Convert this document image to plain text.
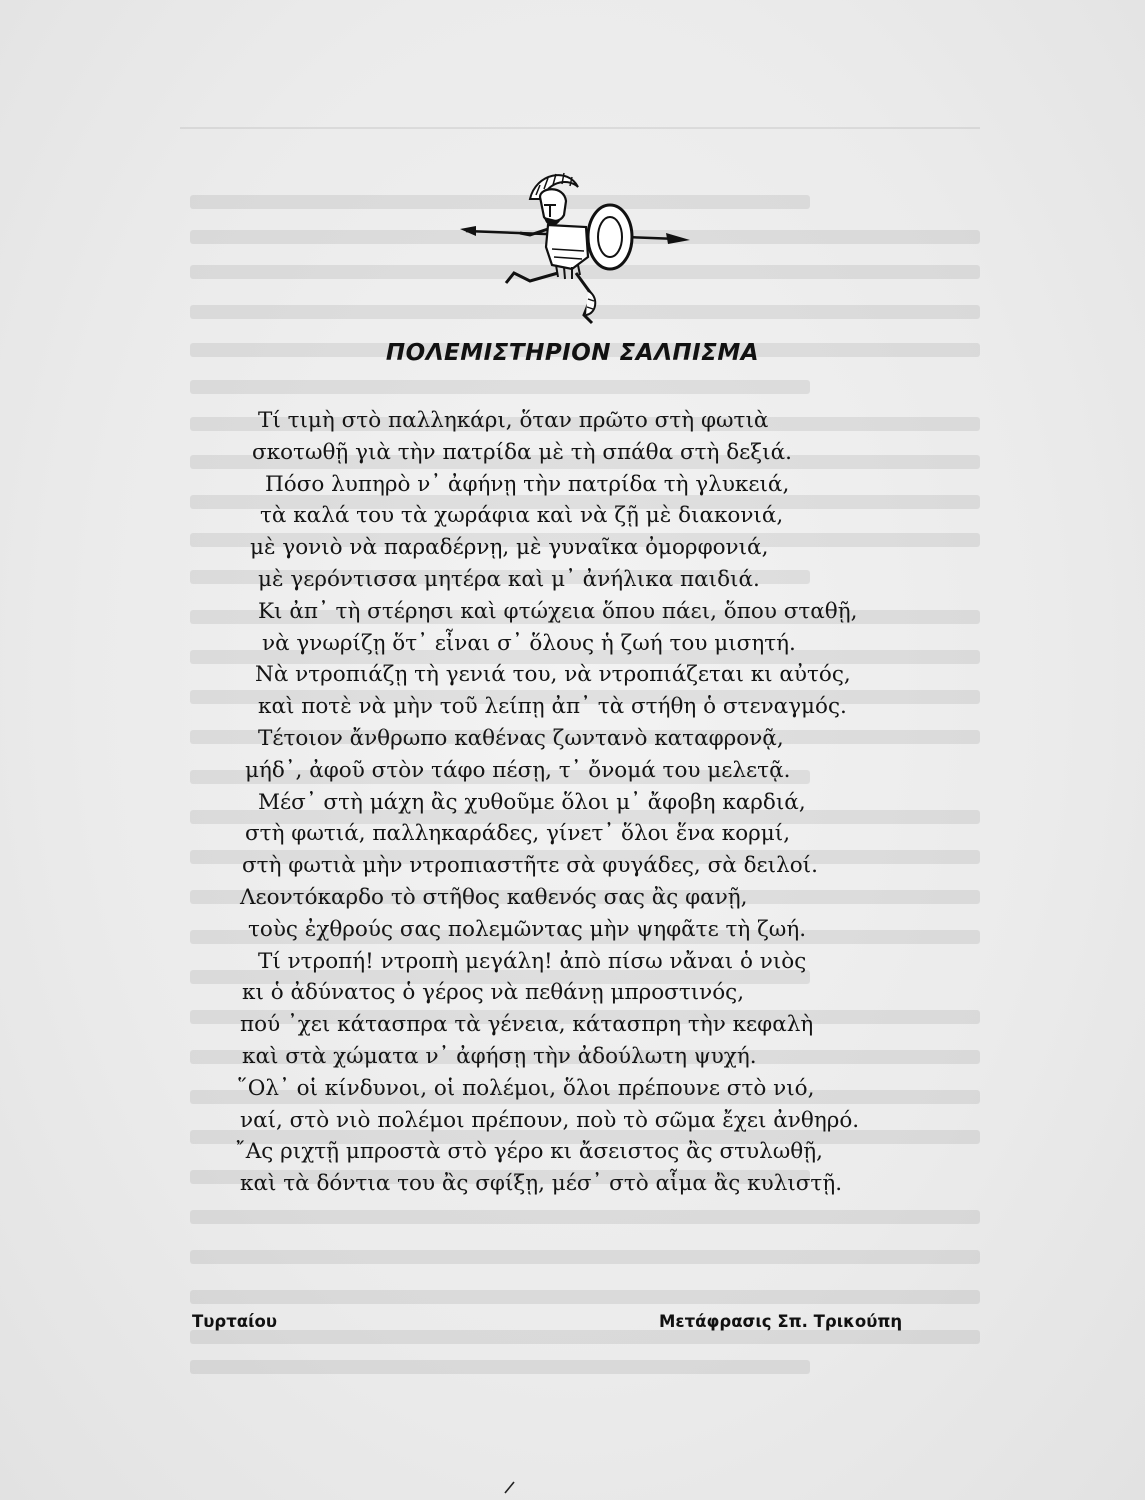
ΠΟΛΕΜΙΣΤΗΡΙΟΝ ΣΑΛΠΙΣΜΑ
Τί τιμὴ στὸ παλληκάρι, ὅταν πρῶτο στὴ φωτιὰ
σκοτωθῇ γιὰ τὴν πατρίδα μὲ τὴ σπάθα στὴ δεξιά.
Πόσο λυπηρὸ ν᾽ ἀφήνῃ τὴν πατρίδα τὴ γλυκειά,
τὰ καλά του τὰ χωράφια καὶ νὰ ζῇ μὲ διακονιά,
μὲ γονιὸ νὰ παραδέρνῃ, μὲ γυναῖκα ὀμορφονιά,
μὲ γερόντισσα μητέρα καὶ μ᾽ ἀνήλικα παιδιά.
Κι ἀπ᾽ τὴ στέρησι καὶ φτώχεια ὅπου πάει, ὅπου σταθῇ,
νὰ γνωρίζῃ ὅτ᾽ εἶναι σ᾽ ὅλους ἡ ζωή του μισητή.
Νὰ ντροπιάζῃ τὴ γενιά του, νὰ ντροπιάζεται κι αὐτός,
καὶ ποτὲ νὰ μὴν τοῦ λείπῃ ἀπ᾽ τὰ στήθη ὁ στεναγμός.
Τέτοιον ἄνθρωπο καθένας ζωντανὸ καταφρονᾷ,
μήδ᾽, ἀφοῦ στὸν τάφο πέσῃ, τ᾽ ὄνομά του μελετᾷ.
Μέσ᾽ στὴ μάχη ἂς χυθοῦμε ὅλοι μ᾽ ἄφοβη καρδιά,
στὴ φωτιά, παλληκαράδες, γίνετ᾽ ὅλοι ἕνα κορμί,
στὴ φωτιὰ μὴν ντροπιαστῆτε σὰ φυγάδες, σὰ δειλοί.
Λεοντόκαρδο τὸ στῆθος καθενός σας ἂς φανῇ,
τοὺς ἐχθρούς σας πολεμῶντας μὴν ψηφᾶτε τὴ ζωή.
Τί ντροπή! ντροπὴ μεγάλη! ἀπὸ πίσω νἄναι ὁ νιὸς
κι ὁ ἀδύνατος ὁ γέρος νὰ πεθάνῃ μπροστινός,
πού ᾽χει κάτασπρα τὰ γένεια, κάτασπρη τὴν κεφαλὴ
καὶ στὰ χώματα ν᾽ ἀφήσῃ τὴν ἀδούλωτη ψυχή.
῞Ολ᾽ οἱ κίνδυνοι, οἱ πολέμοι, ὅλοι πρέπουνε στὸ νιό,
ναί, στὸ νιὸ πολέμοι πρέπουν, ποὺ τὸ σῶμα ἔχει ἀνθηρό.
῎Ας ριχτῇ μπροστὰ στὸ γέρο κι ἄσειστος ἂς στυλωθῇ,
καὶ τὰ δόντια του ἂς σφίξῃ, μέσ᾽ στὸ αἷμα ἂς κυλιστῇ.
Τυρταίου	Μετάφρασις Σπ. Τρικούπη
